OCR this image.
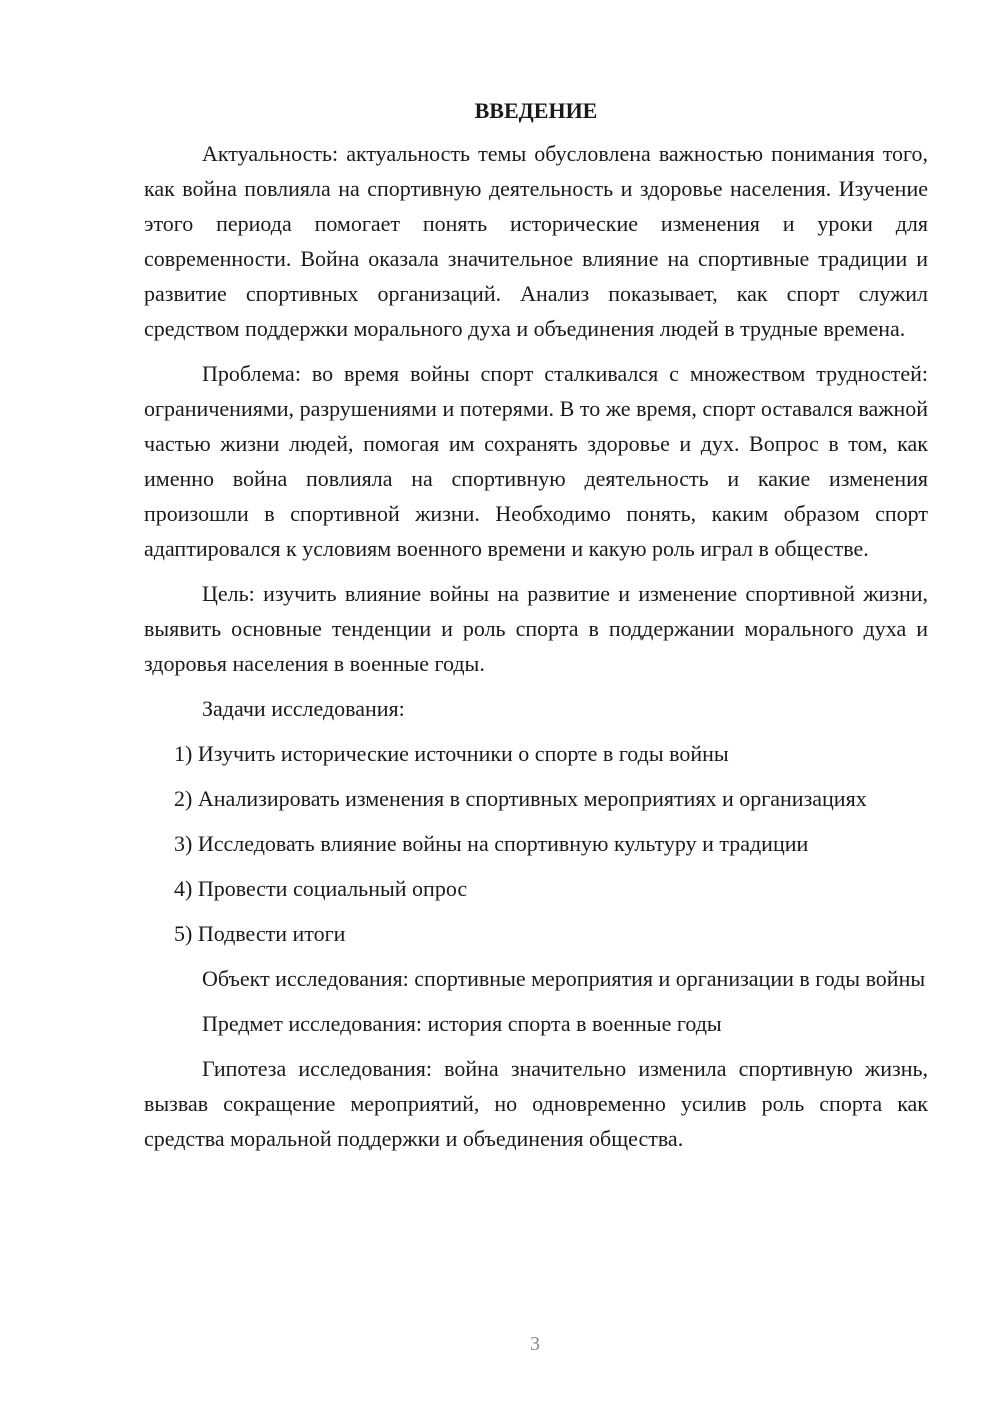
ВВЕДЕНИЕ

Актуальность: актуальность темы обусловлена важностью понимания того, как война повлияла на спортивную деятельность и здоровье населения. Изучение этого периода помогает понять исторические изменения и уроки для современности. Война оказала значительное влияние на спортивные традиции и развитие спортивных организаций. Анализ показывает, как спорт служил средством поддержки морального духа и объединения людей в трудные времена.

Проблема: во время войны спорт сталкивался с множеством трудностей: ограничениями, разрушениями и потерями. В то же время, спорт оставался важной частью жизни людей, помогая им сохранять здоровье и дух. Вопрос в том, как именно война повлияла на спортивную деятельность и какие изменения произошли в спортивной жизни. Необходимо понять, каким образом спорт адаптировался к условиям военного времени и какую роль играл в обществе.

Цель: изучить влияние войны на развитие и изменение спортивной жизни, выявить основные тенденции и роль спорта в поддержании морального духа и здоровья населения в военные годы.

Задачи исследования:

1) Изучить исторические источники о спорте в годы войны

2) Анализировать изменения в спортивных мероприятиях и организациях

3) Исследовать влияние войны на спортивную культуру и традиции

4) Провести социальный опрос

5) Подвести итоги

Объект исследования: спортивные мероприятия и организации в годы войны

Предмет исследования: история спорта в военные годы

Гипотеза исследования: война значительно изменила спортивную жизнь, вызвав сокращение мероприятий, но одновременно усилив роль спорта как средства моральной поддержки и объединения общества.

3
